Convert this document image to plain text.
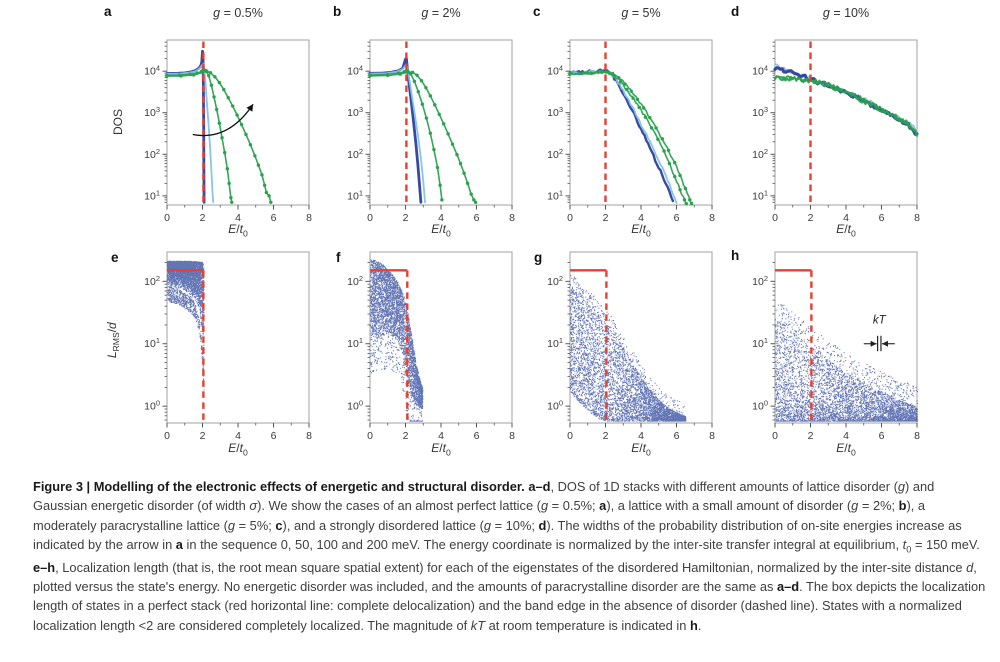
a	b	c	d
e	f	g	h
g = 0.5%	g = 2%	g = 5%	g = 10%
DOS
$L_{RMS}/d$
$10^1$
$10^2$
$10^3$
$10^4$
0	2	4	6	8
$10^1$
$10^2$
$10^3$
$10^4$
0	2	4	6	8
$10^1$
$10^2$
$10^3$
$10^4$
0	2	4	6	8
$10^1$
$10^2$
$10^3$
$10^4$
0	2	4	6	8
$10^0$
$10^1$
$10^2$
0	2	4	6	8
$10^0$
$10^1$
$10^2$
0	2	4	6	8
$10^0$
$10^1$
$10^2$
0	2	4	6	8
$10^0$
$10^1$
$10^2$
0	2	4	6	8
kT
$E/t_0$	$E/t_0$	$E/t_0$	$E/t_0$
$E/t_0$	$E/t_0$	$E/t_0$	$E/t_0$

Figure 3 | Modelling of the electronic effects of energetic and structural disorder. a–d, DOS of 1D stacks with different amounts of lattice disorder (g) and Gaussian energetic disorder (of width σ). We show the cases of an almost perfect lattice (g = 0.5%; a), a lattice with a small amount of disorder (g = 2%; b), a moderately paracrystalline lattice (g = 5%; c), and a strongly disordered lattice (g = 10%; d). The widths of the probability distribution of on-site energies increase as indicated by the arrow in a in the sequence 0, 50, 100 and 200 meV. The energy coordinate is normalized by the inter-site transfer integral at equilibrium, $t_0 = 150$ meV. e–h, Localization length (that is, the root mean square spatial extent) for each of the eigenstates of the disordered Hamiltonian, normalized by the inter-site distance d, plotted versus the state's energy. No energetic disorder was included, and the amounts of paracrystalline disorder are the same as a–d. The box depicts the localization length of states in a perfect stack (red horizontal line: complete delocalization) and the band edge in the absence of disorder (dashed line). States with a normalized localization length <2 are considered completely localized. The magnitude of kT at room temperature is indicated in h.
